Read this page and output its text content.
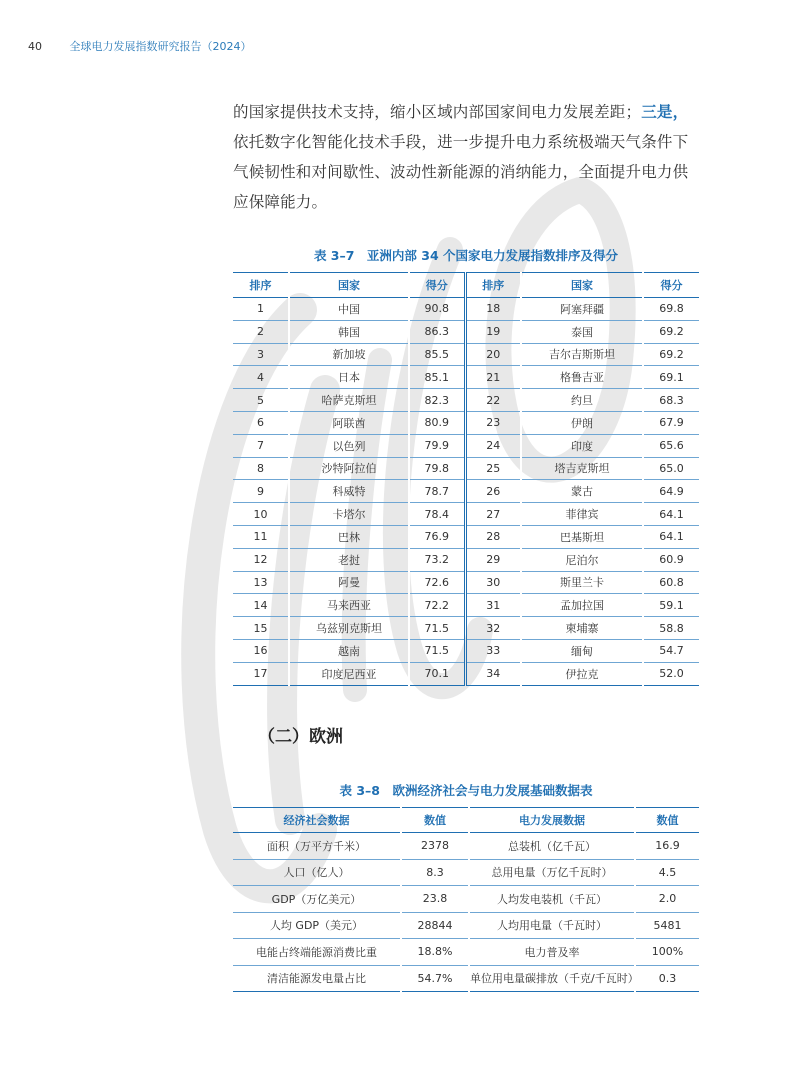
40	全球电力发展指数研究报告（2024）
的国家提供技术支持，缩小区域内部国家间电力发展差距；三是，依托数字化智能化技术手段，进一步提升电力系统极端天气条件下气候韧性和对间歇性、波动性新能源的消纳能力，全面提升电力供应保障能力。
表 3–7　亚洲内部 34 个国家电力发展指数排序及得分
排序	国家	得分	排序	国家	得分
1	中国	90.8	18	阿塞拜疆	69.8
2	韩国	86.3	19	泰国	69.2
3	新加坡	85.5	20	吉尔吉斯斯坦	69.2
4	日本	85.1	21	格鲁吉亚	69.1
5	哈萨克斯坦	82.3	22	约旦	68.3
6	阿联酋	80.9	23	伊朗	67.9
7	以色列	79.9	24	印度	65.6
8	沙特阿拉伯	79.8	25	塔吉克斯坦	65.0
9	科威特	78.7	26	蒙古	64.9
10	卡塔尔	78.4	27	菲律宾	64.1
11	巴林	76.9	28	巴基斯坦	64.1
12	老挝	73.2	29	尼泊尔	60.9
13	阿曼	72.6	30	斯里兰卡	60.8
14	马来西亚	72.2	31	孟加拉国	59.1
15	乌兹别克斯坦	71.5	32	柬埔寨	58.8
16	越南	71.5	33	缅甸	54.7
17	印度尼西亚	70.1	34	伊拉克	52.0
（二）欧洲
表 3–8　欧洲经济社会与电力发展基础数据表
经济社会数据	数值	电力发展数据	数值
面积（万平方千米）	2378	总装机（亿千瓦）	16.9
人口（亿人）	8.3	总用电量（万亿千瓦时）	4.5
GDP（万亿美元）	23.8	人均发电装机（千瓦）	2.0
人均 GDP（美元）	28844	人均用电量（千瓦时）	5481
电能占终端能源消费比重	18.8%	电力普及率	100%
清洁能源发电量占比	54.7%	单位用电量碳排放（千克/千瓦时）	0.3
